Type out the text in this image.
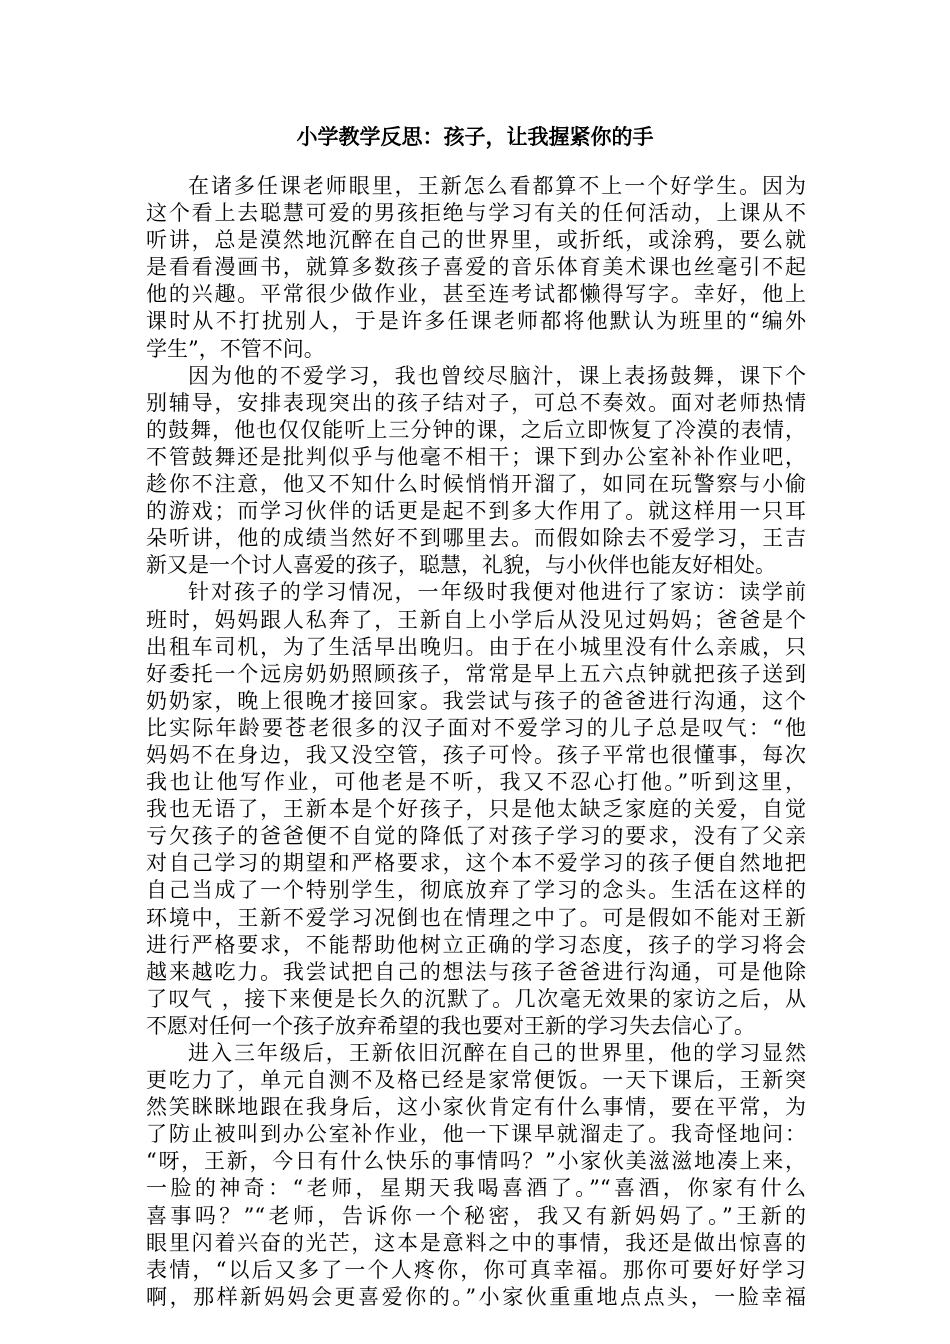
小学教学反思：孩子，让我握紧你的手
在诸多任课老师眼里，王新怎么看都算不上一个好学生。因为
这个看上去聪慧可爱的男孩拒绝与学习有关的任何活动，上课从不
听讲，总是漠然地沉醉在自己的世界里，或折纸，或涂鸦，要么就
是看看漫画书，就算多数孩子喜爱的音乐体育美术课也丝毫引不起
他的兴趣。平常很少做作业，甚至连考试都懒得写字。幸好，他上
课时从不打扰别人，于是许多任课老师都将他默认为班里的“编外
学生”，不管不问。
因为他的不爱学习，我也曾绞尽脑汁，课上表扬鼓舞，课下个
别辅导，安排表现突出的孩子结对子，可总不奏效。面对老师热情
的鼓舞，他也仅仅能听上三分钟的课，之后立即恢复了冷漠的表情，
不管鼓舞还是批判似乎与他毫不相干；课下到办公室补补作业吧，
趁你不注意，他又不知什么时候悄悄开溜了，如同在玩警察与小偷
的游戏；而学习伙伴的话更是起不到多大作用了。就这样用一只耳
朵听讲，他的成绩当然好不到哪里去。而假如除去不爱学习，王吉
新又是一个讨人喜爱的孩子，聪慧，礼貌，与小伙伴也能友好相处。
针对孩子的学习情况，一年级时我便对他进行了家访：读学前
班时，妈妈跟人私奔了，王新自上小学后从没见过妈妈；爸爸是个
出租车司机，为了生活早出晚归。由于在小城里没有什么亲戚，只
好委托一个远房奶奶照顾孩子，常常是早上五六点钟就把孩子送到
奶奶家，晚上很晚才接回家。我尝试与孩子的爸爸进行沟通，这个
比实际年龄要苍老很多的汉子面对不爱学习的儿子总是叹气：“他
妈妈不在身边，我又没空管，孩子可怜。孩子平常也很懂事，每次
我也让他写作业，可他老是不听，我又不忍心打他。”听到这里，
我也无语了，王新本是个好孩子，只是他太缺乏家庭的关爱，自觉
亏欠孩子的爸爸便不自觉的降低了对孩子学习的要求，没有了父亲
对自己学习的期望和严格要求，这个本不爱学习的孩子便自然地把
自己当成了一个特别学生，彻底放弃了学习的念头。生活在这样的
环境中，王新不爱学习况倒也在情理之中了。可是假如不能对王新
进行严格要求，不能帮助他树立正确的学习态度，孩子的学习将会
越来越吃力。我尝试把自己的想法与孩子爸爸进行沟通，可是他除
了叹气 ，接下来便是长久的沉默了。几次毫无效果的家访之后，从
不愿对任何一个孩子放弃希望的我也要对王新的学习失去信心了。
进入三年级后，王新依旧沉醉在自己的世界里，他的学习显然
更吃力了，单元自测不及格已经是家常便饭。一天下课后，王新突
然笑眯眯地跟在我身后，这小家伙肯定有什么事情，要在平常，为
了防止被叫到办公室补作业，他一下课早就溜走了。我奇怪地问：
“呀，王新，今日有什么快乐的事情吗？”小家伙美滋滋地凑上来，
一脸的神奇：“老师，星期天我喝喜酒了。”“喜酒，你家有什么
喜事吗？”“老师，告诉你一个秘密，我又有新妈妈了。”王新的
眼里闪着兴奋的光芒，这本是意料之中的事情，我还是做出惊喜的
表情，“以后又多了一个人疼你，你可真幸福。那你可要好好学习
啊，那样新妈妈会更喜爱你的。”小家伙重重地点点头，一脸幸福
